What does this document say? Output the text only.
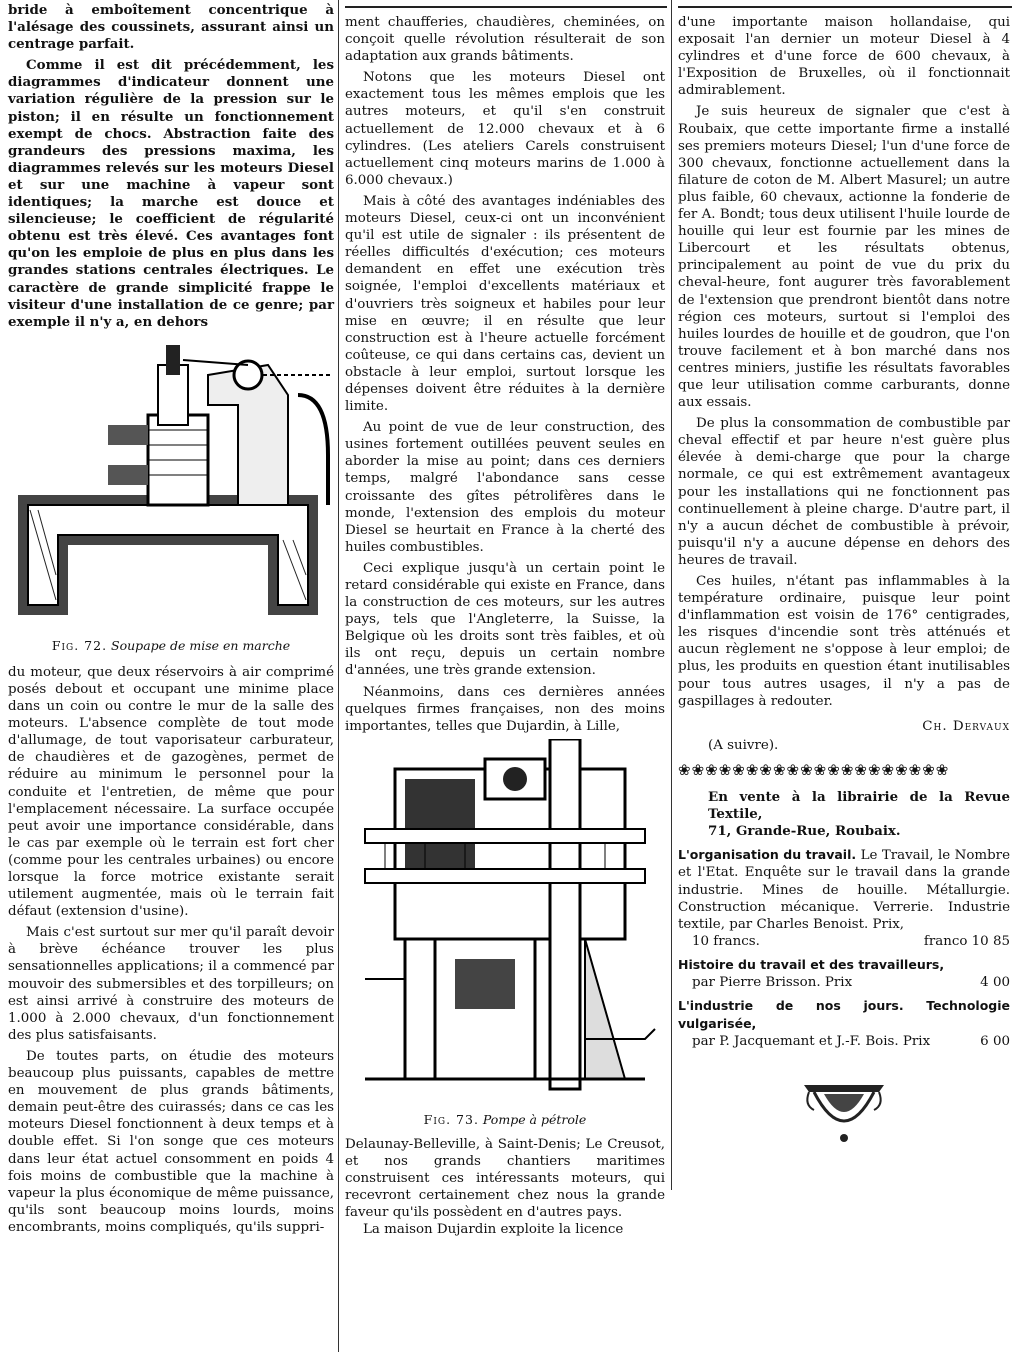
bride à emboîtement concentrique à l'alésage des coussinets, assurant ainsi un centrage parfait.

Comme il est dit précédemment, les diagrammes d'indicateur donnent une variation régulière de la pression sur le piston; il en résulte un fonctionnement exempt de chocs. Abstraction faite des grandeurs des pressions maxima, les diagrammes relevés sur les moteurs Diesel et sur une machine à vapeur sont identiques; la marche est douce et silencieuse; le coefficient de régularité obtenu est très élevé. Ces avantages font qu'on les emploie de plus en plus dans les grandes stations centrales électriques. Le caractère de grande simplicité frappe le visiteur d'une installation de ce genre; par exemple il n'y a, en dehors

Fig. 72. Soupape de mise en marche

du moteur, que deux réservoirs à air comprimé posés debout et occupant une minime place dans un coin ou contre le mur de la salle des moteurs. L'absence complète de tout mode d'allumage, de tout vaporisateur carburateur, de chaudières et de gazogènes, permet de réduire au minimum le personnel pour la conduite et l'entretien, de même que pour l'emplacement nécessaire. La surface occupée peut avoir une importance considérable, dans le cas par exemple où le terrain est fort cher (comme pour les centrales urbaines) ou encore lorsque la force motrice existante serait utilement augmentée, mais où le terrain fait défaut (extension d'usine).

Mais c'est surtout sur mer qu'il paraît devoir à brève échéance trouver les plus sensationnelles applications; il a commencé par mouvoir des submersibles et des torpilleurs; on est ainsi arrivé à construire des moteurs de 1.000 à 2.000 chevaux, d'un fonctionnement des plus satisfaisants.

De toutes parts, on étudie des moteurs beaucoup plus puissants, capables de mettre en mouvement de plus grands bâtiments, demain peut-être des cuirassés; dans ce cas les moteurs Diesel fonctionnent à deux temps et à double effet. Si l'on songe que ces moteurs dans leur état actuel consomment en poids 4 fois moins de combustible que la machine à vapeur la plus économique de même puissance, qu'ils sont beaucoup moins lourds, moins encombrants, moins compliqués, qu'ils suppri-

ment chaufferies, chaudières, cheminées, on conçoit quelle révolution résulterait de son adaptation aux grands bâtiments.

Notons que les moteurs Diesel ont exactement tous les mêmes emplois que les autres moteurs, et qu'il s'en construit actuellement de 12.000 chevaux et à 6 cylindres. (Les ateliers Carels construisent actuellement cinq moteurs marins de 1.000 à 6.000 chevaux.)

Mais à côté des avantages indéniables des moteurs Diesel, ceux-ci ont un inconvénient qu'il est utile de signaler : ils présentent de réelles difficultés d'exécution; ces moteurs demandent en effet une exécution très soignée, l'emploi d'excellents matériaux et d'ouvriers très soigneux et habiles pour leur mise en œuvre; il en résulte que leur construction est à l'heure actuelle forcément coûteuse, ce qui dans certains cas, devient un obstacle à leur emploi, surtout lorsque les dépenses doivent être réduites à la dernière limite.

Au point de vue de leur construction, des usines fortement outillées peuvent seules en aborder la mise au point; dans ces derniers temps, malgré l'abondance sans cesse croissante des gîtes pétrolifères dans le monde, l'extension des emplois du moteur Diesel se heurtait en France à la cherté des huiles combustibles.

Ceci explique jusqu'à un certain point le retard considérable qui existe en France, dans la construction de ces moteurs, sur les autres pays, tels que l'Angleterre, la Suisse, la Belgique où les droits sont très faibles, et où ils ont reçu, depuis un certain nombre d'années, une très grande extension.

Néanmoins, dans ces dernières années quelques firmes françaises, non des moins importantes, telles que Dujardin, à Lille,

Fig. 73. Pompe à pétrole

Delaunay-Belleville, à Saint-Denis; Le Creusot, et nos grands chantiers maritimes construisent ces intéressants moteurs, qui recevront certainement chez nous la grande faveur qu'ils possèdent en d'autres pays.

La maison Dujardin exploite la licence

d'une importante maison hollandaise, qui exposait l'an dernier un moteur Diesel à 4 cylindres et d'une force de 600 chevaux, à l'Exposition de Bruxelles, où il fonctionnait admirablement.

Je suis heureux de signaler que c'est à Roubaix, que cette importante firme a installé ses premiers moteurs Diesel; l'un d'une force de 300 chevaux, fonctionne actuellement dans la filature de coton de M. Albert Masurel; un autre plus faible, 60 chevaux, actionne la fonderie de fer A. Bondt; tous deux utilisent l'huile lourde de houille qui leur est fournie par les mines de Libercourt et les résultats obtenus, principalement au point de vue du prix du cheval-heure, font augurer très favorablement de l'extension que prendront bientôt dans notre région ces moteurs, surtout si l'emploi des huiles lourdes de houille et de goudron, que l'on trouve facilement et à bon marché dans nos centres miniers, justifie les résultats favorables que leur utilisation comme carburants, donne aux essais.

De plus la consommation de combustible par cheval effectif et par heure n'est guère plus élevée à demi-charge que pour la charge normale, ce qui est extrêmement avantageux pour les installations qui ne fonctionnent pas continuellement à pleine charge. D'autre part, il n'y a aucun déchet de combustible à prévoir, puisqu'il n'y a aucune dépense en dehors des heures de travail.

Ces huiles, n'étant pas inflammables à la température ordinaire, puisque leur point d'inflammation est voisin de 176° centigrades, les risques d'incendie sont très atténués et aucun règlement ne s'oppose à leur emploi; de plus, les produits en question étant inutilisables pour tous autres usages, il n'y a pas de gaspillages à redouter.

Ch. Dervaux
(A suivre).
❀❀❀❀❀❀❀❀❀❀❀❀❀❀❀❀❀❀❀❀

En vente à la librairie de la Revue Textile,
71, Grande-Rue, Roubaix.

L'organisation du travail. Le Travail, le Nombre et l'Etat. Enquête sur le travail dans la grande industrie. Mines de houille. Métallurgie. Construction mécanique. Verrerie. Industrie textile, par Charles Benoist. Prix,
10 francs.	franco 10 85

Histoire du travail et des travailleurs,
par Pierre Brisson. Prix	4 00

L'industrie de nos jours. Technologie vulgarisée,
par P. Jacquemant et J.-F. Bois. Prix	6 00
